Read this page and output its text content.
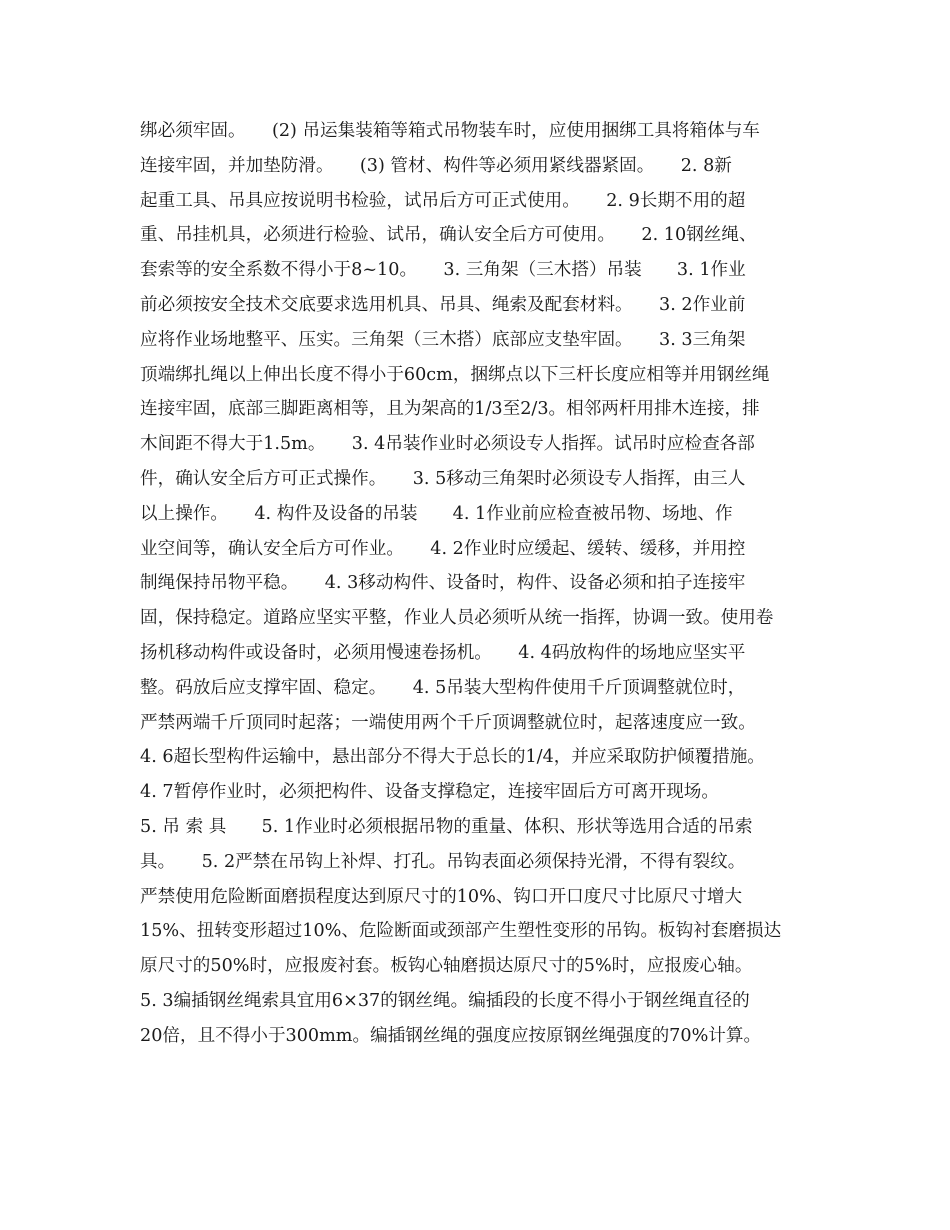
绑必须牢固。　　(2) 吊运集装箱等箱式吊物装车时，应使用捆绑工具将箱体与车
连接牢固，并加垫防滑。　　(3) 管材、构件等必须用紧线器紧固。　　2. 8新
起重工具、吊具应按说明书检验，试吊后方可正式使用。　　2. 9长期不用的超
重、吊挂机具，必须进行检验、试吊，确认安全后方可使用。　　2. 10钢丝绳、
套索等的安全系数不得小于8~10。　　3. 三角架（三木搭）吊装　　3. 1作业
前必须按安全技术交底要求选用机具、吊具、绳索及配套材料。　　3. 2作业前
应将作业场地整平、压实。三角架（三木搭）底部应支垫牢固。　　3. 3三角架
顶端绑扎绳以上伸出长度不得小于60cm，捆绑点以下三杆长度应相等并用钢丝绳
连接牢固，底部三脚距离相等，且为架高的1/3至2/3。相邻两杆用排木连接，排
木间距不得大于1.5m。　　3. 4吊装作业时必须设专人指挥。试吊时应检查各部
件，确认安全后方可正式操作。　　3. 5移动三角架时必须设专人指挥，由三人
以上操作。　　4. 构件及设备的吊装　　4. 1作业前应检查被吊物、场地、作
业空间等，确认安全后方可作业。　　4. 2作业时应缓起、缓转、缓移，并用控
制绳保持吊物平稳。　　4. 3移动构件、设备时，构件、设备必须和拍子连接牢
固，保持稳定。道路应坚实平整，作业人员必须听从统一指挥，协调一致。使用卷
扬机移动构件或设备时，必须用慢速卷扬机。　　4. 4码放构件的场地应坚实平
整。码放后应支撑牢固、稳定。　　4. 5吊装大型构件使用千斤顶调整就位时，
严禁两端千斤顶同时起落；一端使用两个千斤顶调整就位时，起落速度应一致。
4. 6超长型构件运输中，悬出部分不得大于总长的1/4，并应采取防护倾覆措施。
4. 7暂停作业时，必须把构件、设备支撑稳定，连接牢固后方可离开现场。
5. 吊 索 具　　5. 1作业时必须根据吊物的重量、体积、形状等选用合适的吊索
具。　　5. 2严禁在吊钩上补焊、打孔。吊钩表面必须保持光滑，不得有裂纹。
严禁使用危险断面磨损程度达到原尺寸的10%、钩口开口度尺寸比原尺寸增大
15%、扭转变形超过10%、危险断面或颈部产生塑性变形的吊钩。板钩衬套磨损达
原尺寸的50%时，应报废衬套。板钩心轴磨损达原尺寸的5%时，应报废心轴。
5. 3编插钢丝绳索具宜用6×37的钢丝绳。编插段的长度不得小于钢丝绳直径的
20倍，且不得小于300mm。编插钢丝绳的强度应按原钢丝绳强度的70%计算。
